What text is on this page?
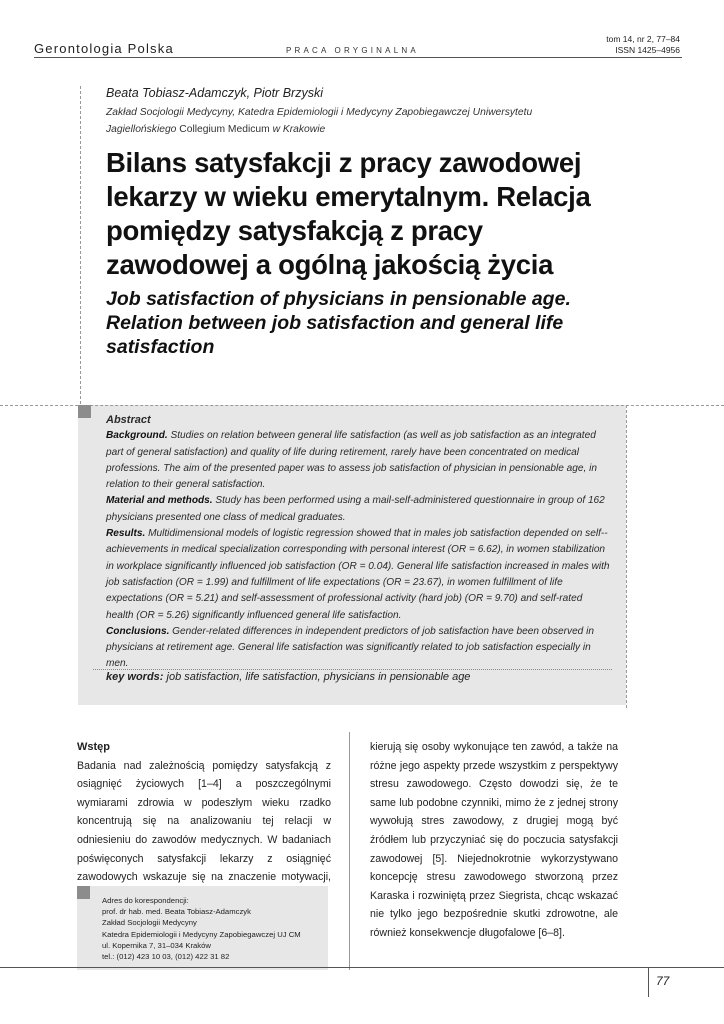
Gerontologia Polska	PRACA ORYGINALNA
tom 14, nr 2, 77–84
ISSN 1425–4956
Beata Tobiasz-Adamczyk, Piotr Brzyski
Zakład Socjologii Medycyny, Katedra Epidemiologii i Medycyny Zapobiegawczej Uniwersytetu
Jagiellońskiego Collegium Medicum w Krakowie
Bilans satysfakcji z pracy zawodowej lekarzy w wieku emerytalnym. Relacja pomiędzy satysfakcją z pracy zawodowej a ogólną jakością życia
Job satisfaction of physicians in pensionable age. Relation between job satisfaction and general life satisfaction

Abstract

Background. Studies on relation between general life satisfaction (as well as job satisfaction as an integrated part of general satisfaction) and quality of life during retirement, rarely have been concentrated on medical professions. The aim of the presented paper was to assess job satisfaction of physician in pensionable age, in relation to their general satisfaction.

Material and methods. Study has been performed using a mail-self-administered questionnaire in group of 162 physicians presented one class of medical graduates.

Results. Multidimensional models of logistic regression showed that in males job satisfaction depended on self--achievements in medical specialization corresponding with personal interest (OR = 6.62), in women stabilization in workplace significantly influenced job satisfaction (OR = 0.04). General life satisfaction increased in males with job satisfaction (OR = 1.99) and fulfillment of life expectations (OR = 23.67), in women fulfillment of life expectations (OR = 5.21) and self-assessment of professional activity (hard job) (OR = 9.70) and self-rated health (OR = 5.26) significantly influenced general life satisfaction.

Conclusions. Gender-related differences in independent predictors of job satisfaction have been observed in physicians at retirement age. General life satisfaction was significantly related to job satisfaction especially in men.

key words: job satisfaction, life satisfaction, physicians in pensionable age

Wstęp

Badania nad zależnością pomiędzy satysfakcją z osiągnięć życiowych [1–4] a poszczególnymi wymiarami zdrowia w podeszłym wieku rzadko koncentrują się na analizowaniu tej relacji w odniesieniu do zawodów medycznych. W badaniach poświęconych satysfakcji lekarzy z osiągnięć zawodowych wskazuje się na znaczenie motywacji,

kierują się osoby wykonujące ten zawód, a także na różne jego aspekty przede wszystkim z perspektywy stresu zawodowego. Często dowodzi się, że te same lub podobne czynniki, mimo że z jednej strony wywołują stres zawodowy, z drugiej mogą być źródłem lub przyczyniać się do poczucia satysfakcji zawodowej [5]. Niejednokrotnie wykorzystywano koncepcję stresu zawodowego stworzoną przez Karaska i rozwiniętą przez Siegrista, chcąc wskazać nie tylko jego bezpośrednie skutki zdrowotne, ale również konsekwencje długofalowe [6–8].

Adres do korespondencji:
prof. dr hab. med. Beata Tobiasz-Adamczyk
Zakład Socjologii Medycyny
Katedra Epidemiologii i Medycyny Zapobiegawczej UJ CM
ul. Kopernika 7, 31–034 Kraków
tel.: (012) 423 10 03, (012) 422 31 82
77
